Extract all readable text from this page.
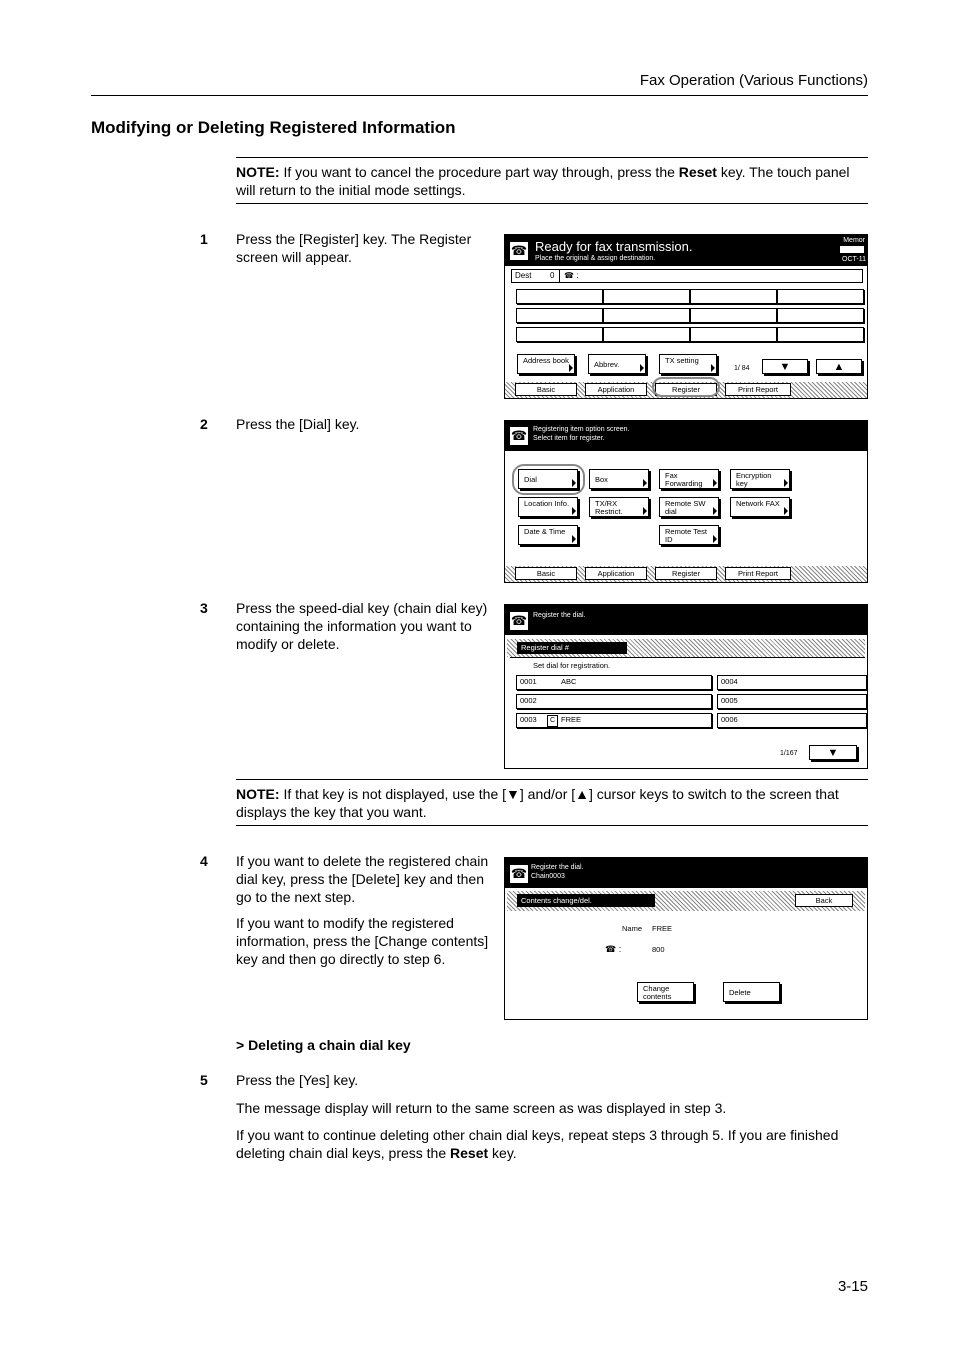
Fax Operation (Various Functions)
Modifying or Deleting Registered Information
NOTE: If you want to cancel the procedure part way through, press the Reset key. The touch panel will return to the initial mode settings.
1 Press the [Register] key. The Register screen will appear.	☎ Ready for fax transmission.
Place the original & assign destination.
Memor
OCT-11
Dest 0 ☎ :
Address book	Abbrev.	TX setting
1/ 84	▼	▲
Basic	Application	Register	Print Report
2 Press the [Dial] key.
☎ Registering item option screen.
Select item for register.
Dial	Box	Fax Forwarding
Encryption key
Location Info.	TX/RX Restrict.
Remote SW dial
Network FAX
Date & Time	Remote Test ID
Basic	Application	Register	Print Report
3 Press the speed-dial key (chain dial key) containing the information you want to modify or delete.
☎ Register the dial.
Register dial #
Set dial for registration.
0001	ABC
0002
0003	C FREE
0004
0005
0006
1/167	▼
NOTE: If that key is not displayed, use the [▼] and/or [▲] cursor keys to switch to the screen that displays the key that you want.
4 If you want to delete the registered chain dial key, press the [Delete] key and then go to the next step.
If you want to modify the registered information, press the [Change contents] key and then go directly to step 6.
☎ Register the dial.
Chain0003
Contents change/del.	Back
Name FREE
☎ :	800
Change contents	Delete
> Deleting a chain dial key
5 Press the [Yes] key.
The message display will return to the same screen as was displayed in step 3.
If you want to continue deleting other chain dial keys, repeat steps 3 through 5. If you are finished deleting chain dial keys, press the Reset key.
3-15
